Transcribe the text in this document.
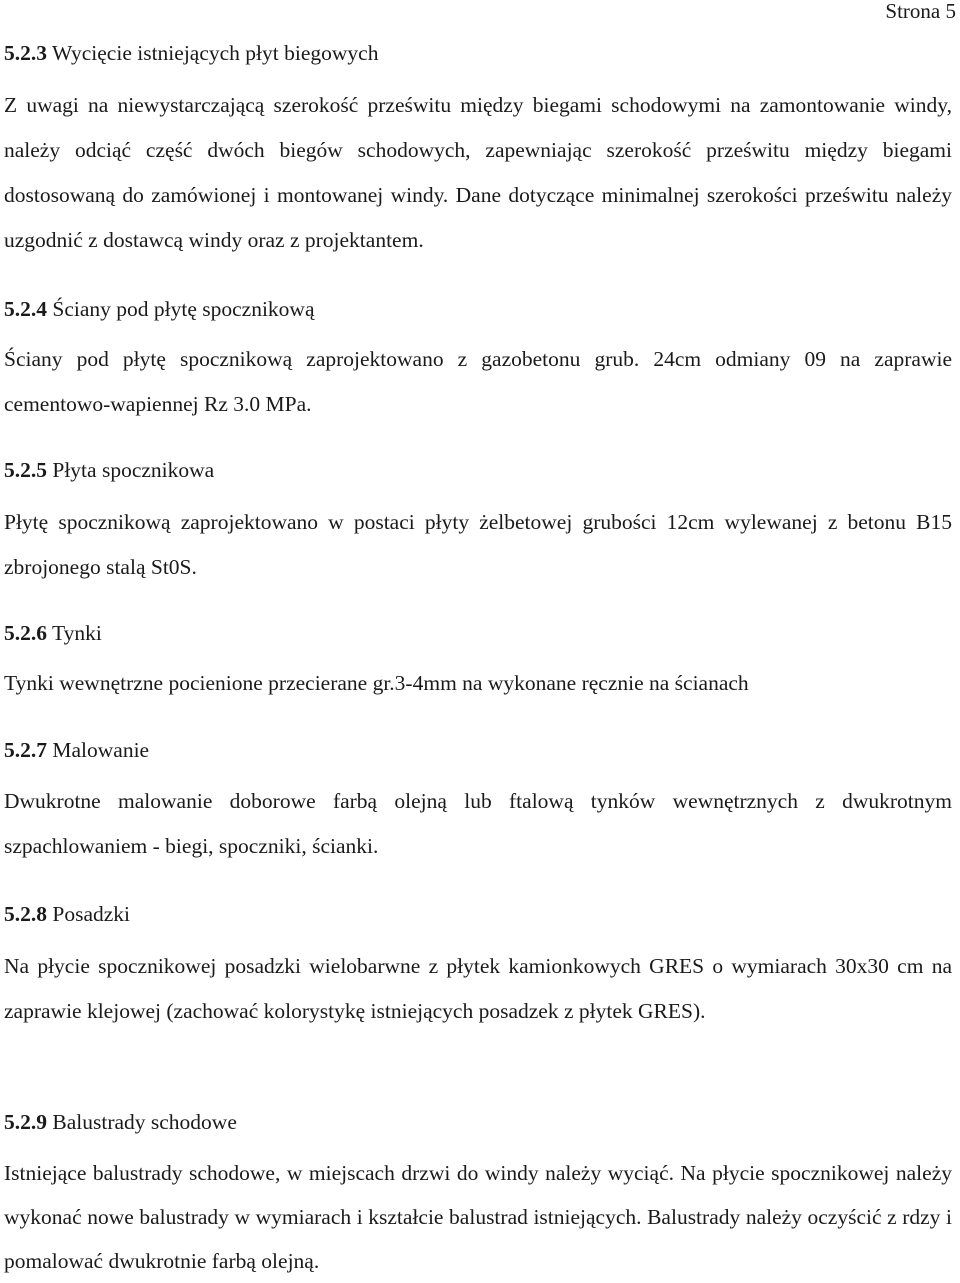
Strona 5
5.2.3 Wycięcie istniejących płyt biegowych

Z uwagi na niewystarczającą szerokość prześwitu między biegami schodowymi na zamontowanie windy, należy odciąć część dwóch biegów schodowych, zapewniając szerokość prześwitu między biegami dostosowaną do zamówionej i montowanej windy. Dane dotyczące minimalnej szerokości prześwitu należy uzgodnić z dostawcą windy oraz z projektantem.

5.2.4 Ściany pod płytę spocznikową

Ściany pod płytę spocznikową zaprojektowano z gazobetonu grub. 24cm odmiany 09 na zaprawie cementowo-wapiennej Rz 3.0 MPa.

5.2.5 Płyta spocznikowa

Płytę spocznikową zaprojektowano w postaci płyty żelbetowej grubości 12cm wylewanej z betonu B15 zbrojonego stalą St0S.

5.2.6 Tynki

Tynki wewnętrzne pocienione przecierane gr.3-4mm na wykonane ręcznie na ścianach

5.2.7 Malowanie

Dwukrotne malowanie doborowe farbą olejną lub ftalową tynków wewnętrznych z dwukrotnym szpachlowaniem - biegi, spoczniki, ścianki.

5.2.8 Posadzki

Na płycie spocznikowej posadzki wielobarwne z płytek kamionkowych GRES o wymiarach 30x30 cm na zaprawie klejowej (zachować kolorystykę istniejących posadzek z płytek GRES).

5.2.9 Balustrady schodowe

Istniejące balustrady schodowe, w miejscach drzwi do windy należy wyciąć. Na płycie spocznikowej należy wykonać nowe balustrady w wymiarach i kształcie balustrad istniejących. Balustrady należy oczyścić z rdzy i pomalować dwukrotnie farbą olejną.
